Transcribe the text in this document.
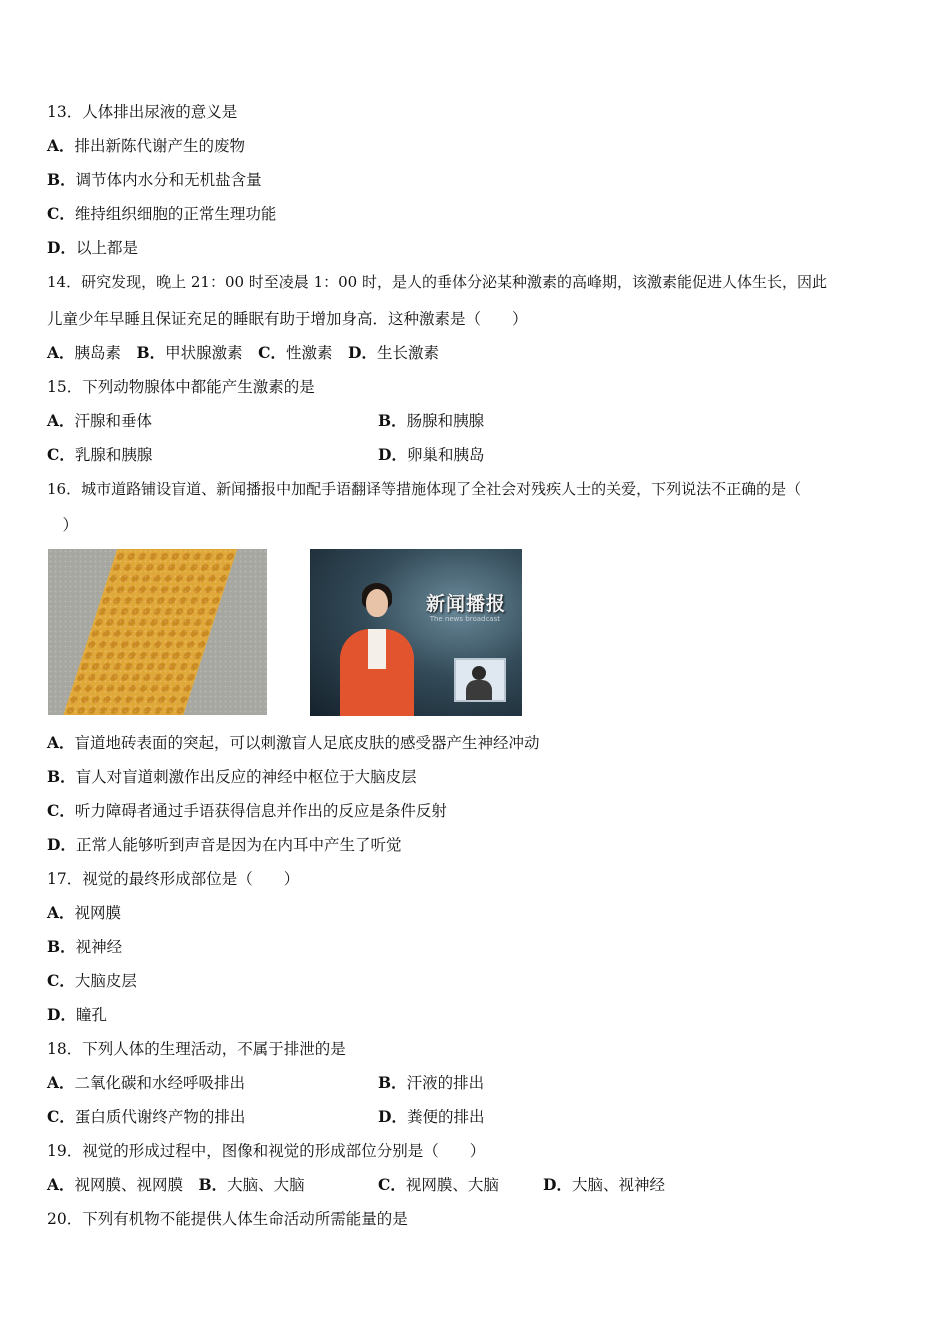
13．人体排出尿液的意义是
A．排出新陈代谢产生的废物
B．调节体内水分和无机盐含量
C．维持组织细胞的正常生理功能
D．以上都是
14．研究发现，晚上 21：00 时至凌晨 1：00 时，是人的垂体分泌某种激素的高峰期，该激素能促进人体生长，因此
儿童少年早睡且保证充足的睡眠有助于增加身高．这种激素是（　　）
A．胰岛素　B．甲状腺激素　C．性激素　D．生长激素
15．下列动物腺体中都能产生激素的是
A．汗腺和垂体	B．肠腺和胰腺
C．乳腺和胰腺	D．卵巢和胰岛
16．城市道路铺设盲道、新闻播报中加配手语翻译等措施体现了全社会对残疾人士的关爱，下列说法不正确的是（
　）
新闻播报
The news broadcast
A．盲道地砖表面的突起，可以刺激盲人足底皮肤的感受器产生神经冲动
B．盲人对盲道刺激作出反应的神经中枢位于大脑皮层
C．听力障碍者通过手语获得信息并作出的反应是条件反射
D．正常人能够听到声音是因为在内耳中产生了听觉
17．视觉的最终形成部位是（　　）
A．视网膜
B．视神经
C．大脑皮层
D．瞳孔
18．下列人体的生理活动，不属于排泄的是
A．二氧化碳和水经呼吸排出	B．汗液的排出
C．蛋白质代谢终产物的排出	D．粪便的排出
19．视觉的形成过程中，图像和视觉的形成部位分别是（　　）
A．视网膜、视网膜　B．大脑、大脑	C．视网膜、大脑	D．大脑、视神经
20．下列有机物不能提供人体生命活动所需能量的是
